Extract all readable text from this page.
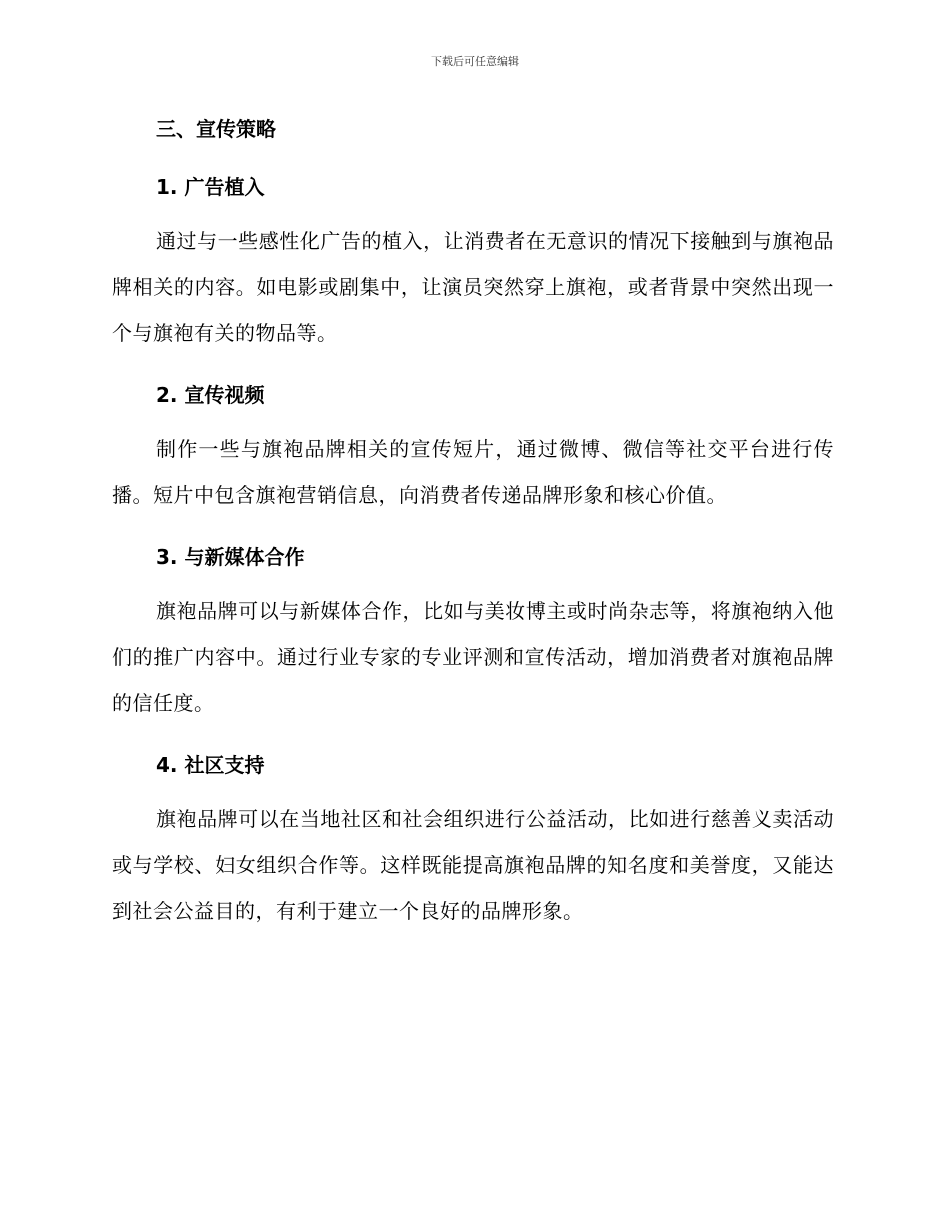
下载后可任意编辑
三、宣传策略
1. 广告植入
通过与一些感性化广告的植入，让消费者在无意识的情况下接触到与旗袍品牌相关的内容。如电影或剧集中，让演员突然穿上旗袍，或者背景中突然出现一个与旗袍有关的物品等。
2. 宣传视频
制作一些与旗袍品牌相关的宣传短片，通过微博、微信等社交平台进行传播。短片中包含旗袍营销信息，向消费者传递品牌形象和核心价值。
3. 与新媒体合作
旗袍品牌可以与新媒体合作，比如与美妆博主或时尚杂志等，将旗袍纳入他们的推广内容中。通过行业专家的专业评测和宣传活动，增加消费者对旗袍品牌的信任度。
4. 社区支持
旗袍品牌可以在当地社区和社会组织进行公益活动，比如进行慈善义卖活动或与学校、妇女组织合作等。这样既能提高旗袍品牌的知名度和美誉度，又能达到社会公益目的，有利于建立一个良好的品牌形象。
